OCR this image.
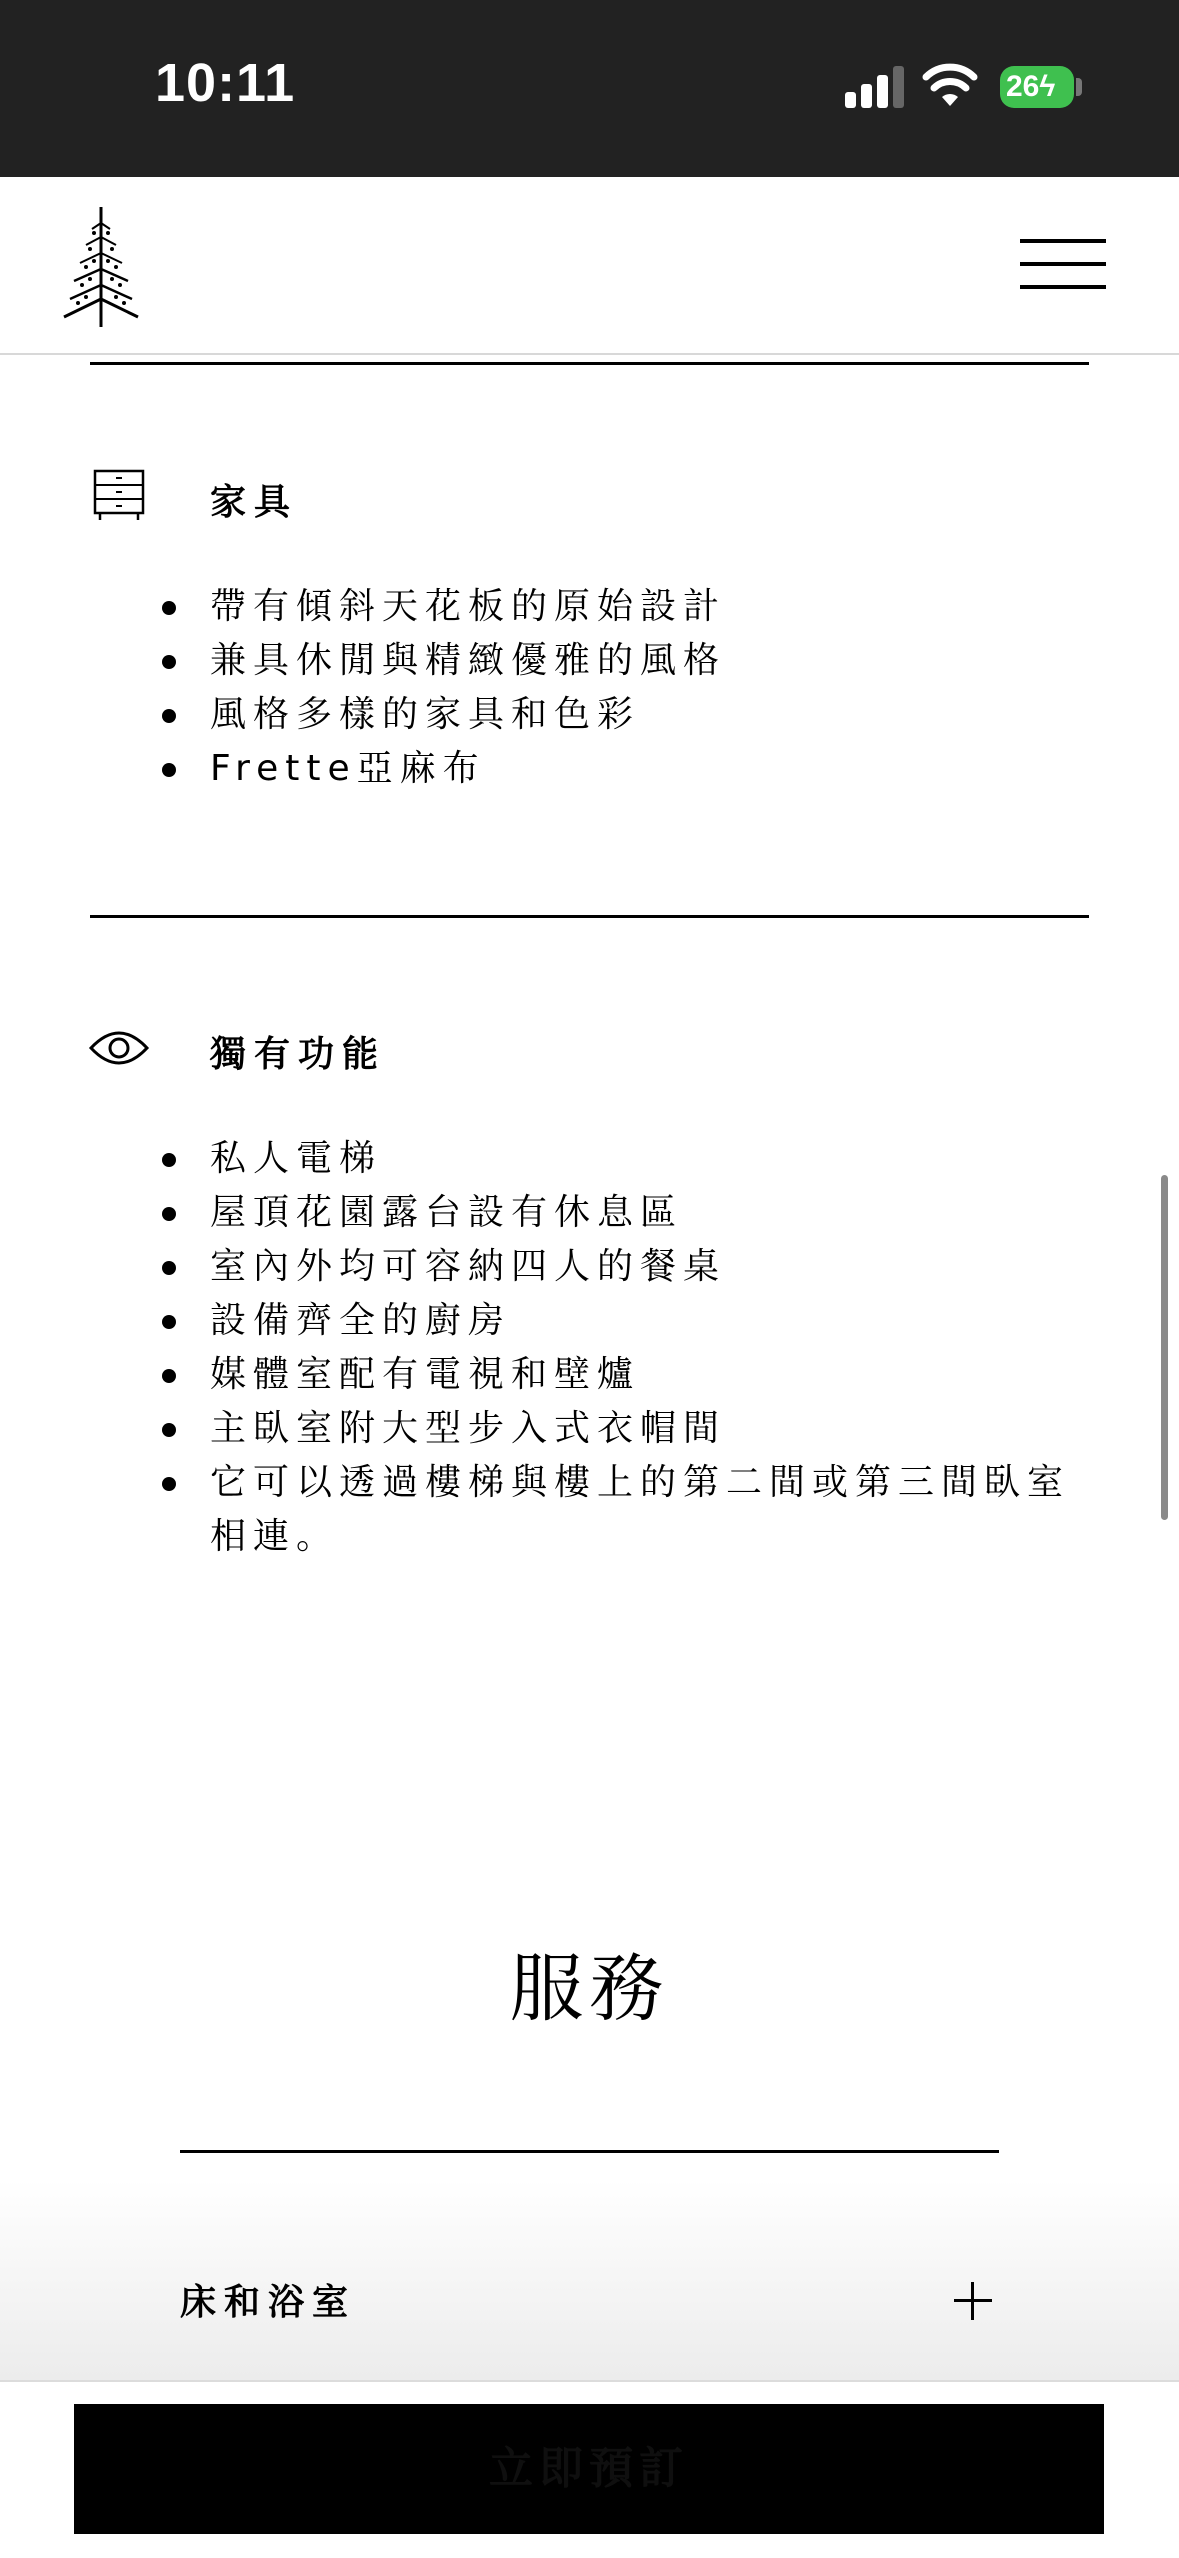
10:11	26ϟ
家具
帶有傾斜天花板的原始設計
兼具休閒與精緻優雅的風格
風格多樣的家具和色彩
Frette亞麻布
獨有功能
私人電梯
屋頂花園露台設有休息區
室內外均可容納四人的餐桌
設備齊全的廚房
媒體室配有電視和壁爐
主臥室附大型步入式衣帽間
它可以透過樓梯與樓上的第二間或第三間臥室相連。
服務
床和浴室
立即預訂
